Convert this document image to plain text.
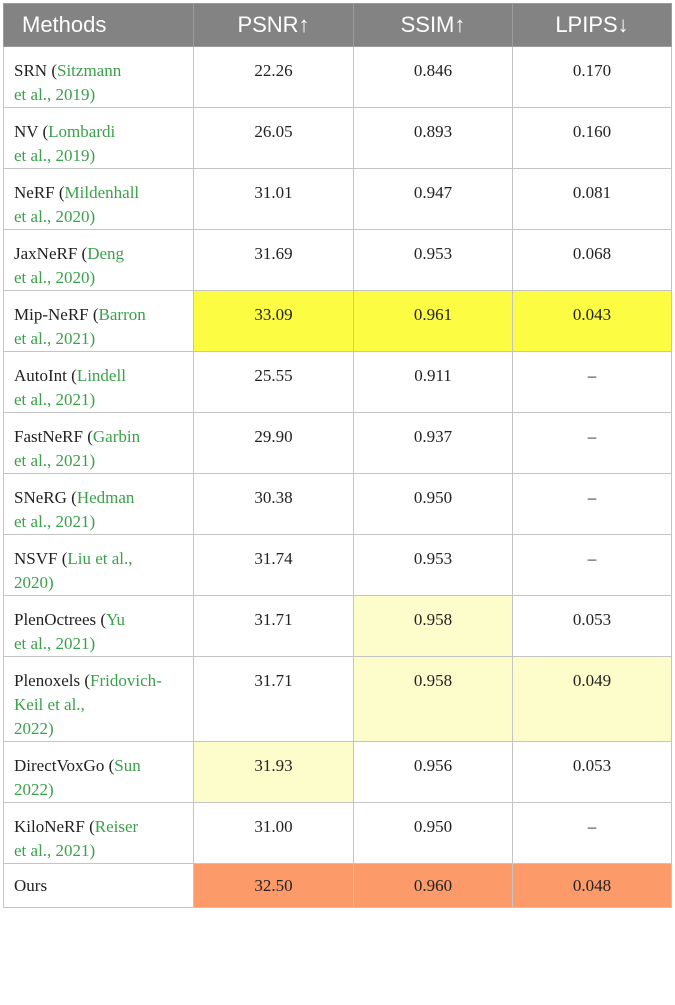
Methods	PSNR↑	SSIM↑	LPIPS↓
SRN (Sitzmann
et al., 2019)	22.26	0.846	0.170
NV (Lombardi
et al., 2019)	26.05	0.893	0.160
NeRF (Mildenhall
et al., 2020)	31.01	0.947	0.081
JaxNeRF (Deng
et al., 2020)	31.69	0.953	0.068
Mip-NeRF (Barron
et al., 2021)	33.09	0.961	0.043
AutoInt (Lindell
et al., 2021)	25.55	0.911	–
FastNeRF (Garbin
et al., 2021)	29.90	0.937	–
SNeRG (Hedman
et al., 2021)	30.38	0.950	–
NSVF (Liu et al.,
2020)	31.74	0.953	–
PlenOctrees (Yu
et al., 2021)	31.71	0.958	0.053
Plenoxels (Fridovich-
Keil et al.,
2022)	31.71	0.958	0.049
DirectVoxGo (Sun
2022)	31.93	0.956	0.053
KiloNeRF (Reiser
et al., 2021)	31.00	0.950	–
Ours	32.50	0.960	0.048
